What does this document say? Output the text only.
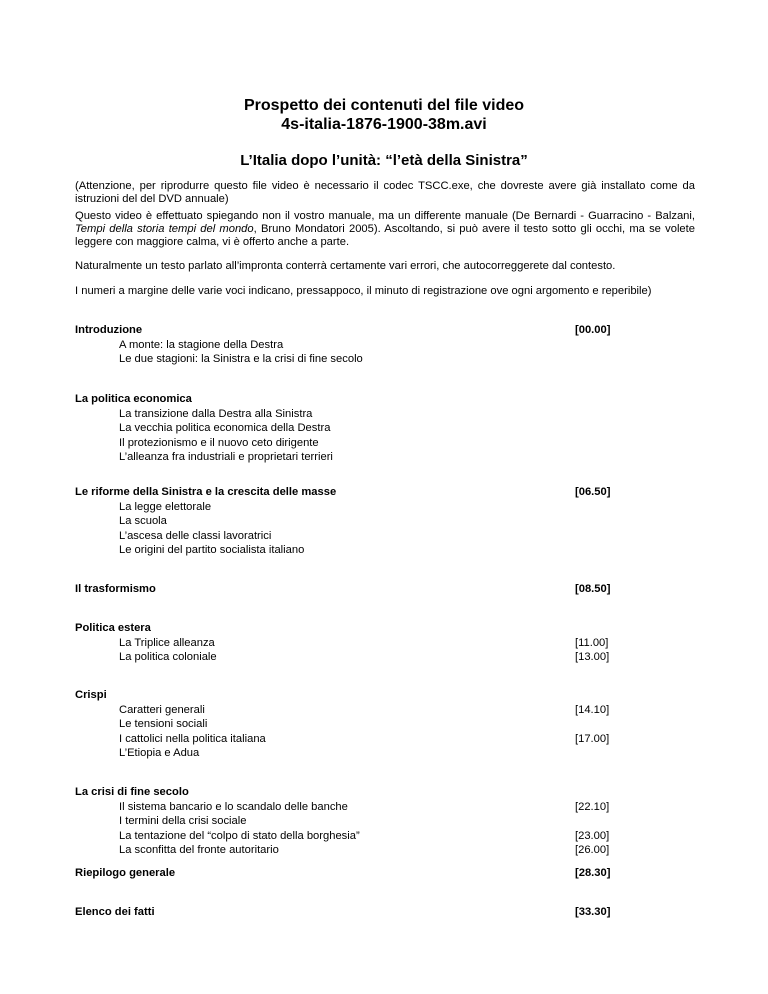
Prospetto dei contenuti del file video
4s-italia-1876-1900-38m.avi
L’Italia dopo l’unità: “l’età della Sinistra”
(Attenzione, per riprodurre questo file video è necessario il codec TSCC.exe, che dovreste avere già installato come da istruzioni del del DVD annuale)
Questo video è effettuato spiegando non il vostro manuale, ma un differente manuale (De Bernardi - Guarracino - Balzani, Tempi della storia tempi del mondo, Bruno Mondatori 2005). Ascoltando, si può avere il testo sotto gli occhi, ma se volete leggere con maggiore calma, vi è offerto anche a parte.
Naturalmente un testo parlato all’impronta conterrà certamente vari errori, che autocorreggerete dal contesto.
I numeri a margine delle varie voci indicano, pressappoco, il minuto di registrazione ove ogni argomento e reperibile)
Introduzione	[00.00]
A monte: la stagione della Destra
Le due stagioni: la Sinistra e la crisi di fine secolo
La politica economica
La transizione dalla Destra alla Sinistra
La vecchia politica economica della Destra
Il protezionismo e il nuovo ceto dirigente
L’alleanza fra industriali e proprietari terrieri
Le riforme della Sinistra e la crescita delle masse	[06.50]
La legge elettorale
La scuola
L’ascesa delle classi lavoratrici
Le origini del partito socialista italiano
Il trasformismo	[08.50]
Politica estera
La Triplice alleanza	[11.00]
La politica coloniale	[13.00]
Crispi
Caratteri generali	[14.10]
Le tensioni sociali
I cattolici nella politica italiana	[17.00]
L’Etiopia e Adua
La crisi di fine secolo
Il sistema bancario e lo scandalo delle banche	[22.10]
I termini della crisi sociale
La tentazione del “colpo di stato della borghesia”	[23.00]
La sconfitta del fronte autoritario	[26.00]
Riepilogo generale	[28.30]
Elenco dei fatti	[33.30]
